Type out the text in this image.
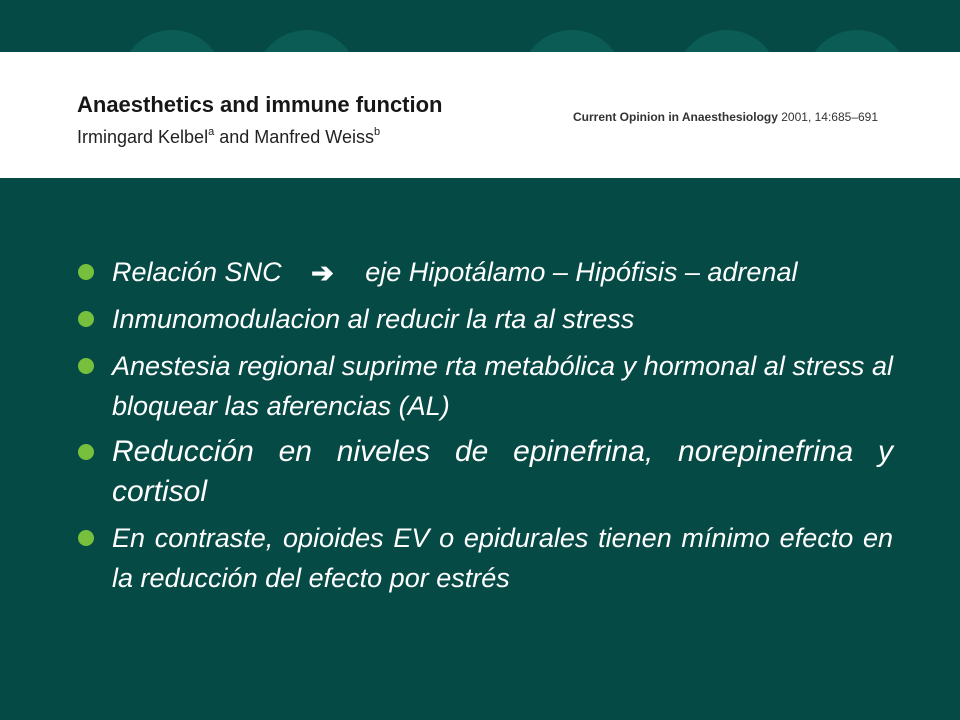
Anaesthetics and immune function
Irmingard Kelbel$^a$ and Manfred Weiss$^b$
Current Opinion in Anaesthesiology 2001, 14:685–691
Relación SNC ➔ eje Hipotálamo – Hipófisis – adrenal
Inmunomodulacion al reducir la rta al stress
Anestesia regional suprime rta metabólica y hormonal al stress al bloquear las aferencias (AL)
Reducción en niveles de epinefrina, norepinefrina y cortisol
En contraste, opioides EV o epidurales tienen mínimo efecto en la reducción del efecto por estrés
